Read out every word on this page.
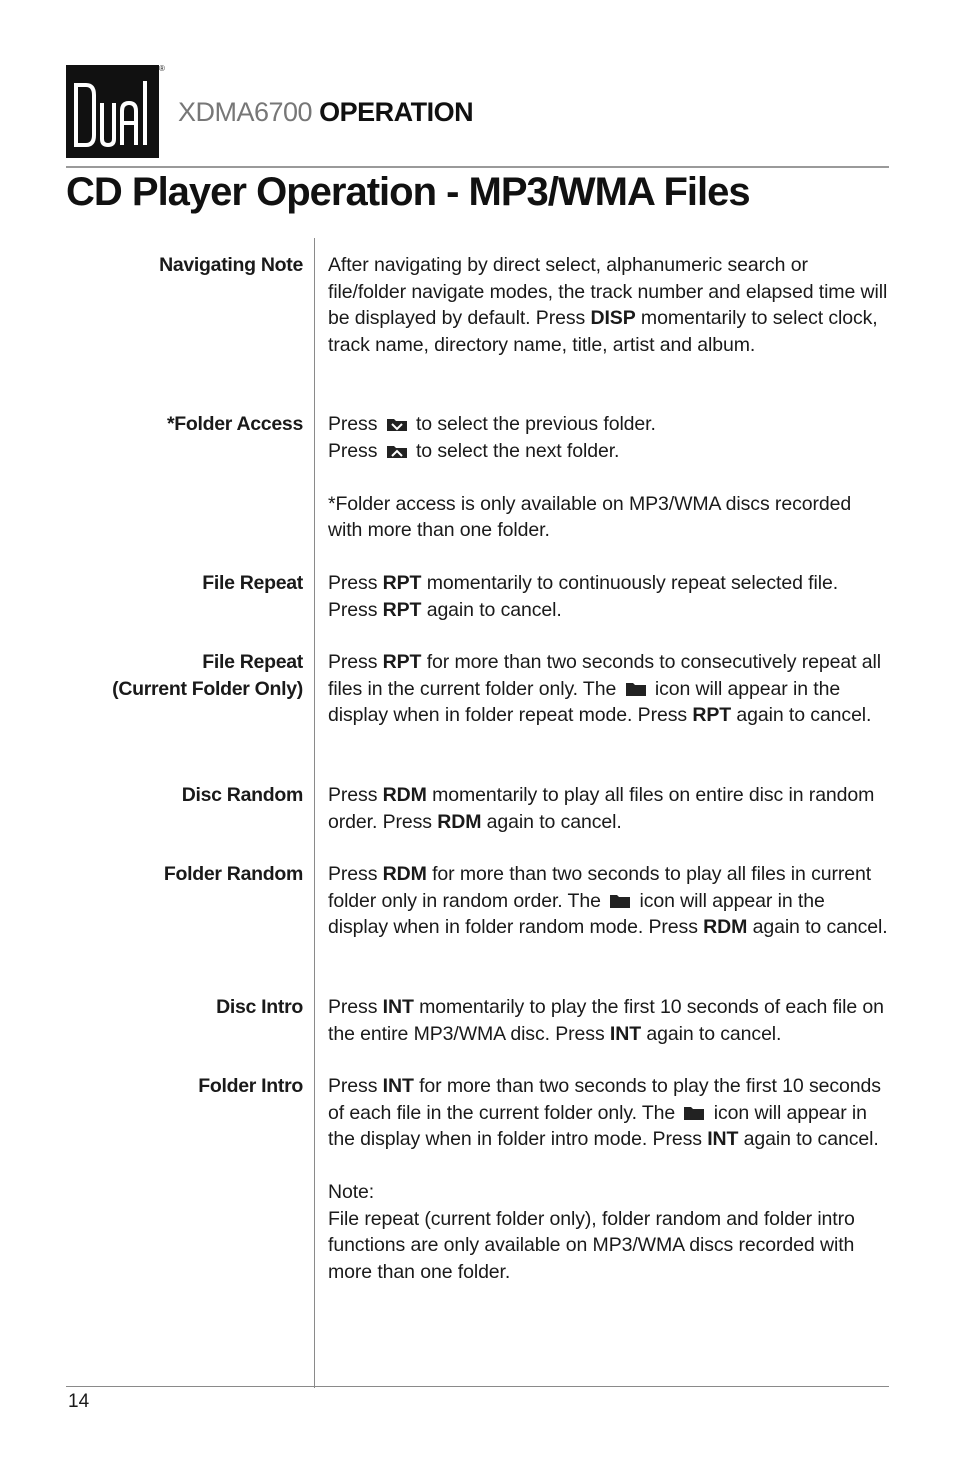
®
XDMA6700 OPERATION
CD Player Operation - MP3/WMA Files
Navigating Note After navigating by direct select, alphanumeric search or file/folder navigate modes, the track number and elapsed time will be displayed by default. Press DISP momentarily to select clock, track name, directory name, title, artist and album.

*Folder Access Press  to select the previous folder.

Press  to select the next folder.

*Folder access is only available on MP3/WMA discs recorded with more than one folder.

File Repeat Press RPT momentarily to continuously repeat selected file.

Press RPT again to cancel.

File Repeat
(Current Folder Only)

Press RPT for more than two seconds to consecutively repeat all files in the current folder only. The  icon will appear in the display when in folder repeat mode. Press RPT again to cancel.

Disc Random Press RDM momentarily to play all files on entire disc in random order. Press RDM again to cancel.

Folder Random Press RDM for more than two seconds to play all files in current folder only in random order. The  icon will appear in the display when in folder random mode. Press RDM again to cancel.

Disc Intro Press INT momentarily to play the first 10 seconds of each file on the entire MP3/WMA disc. Press INT again to cancel.

Folder Intro Press INT for more than two seconds to play the first 10 seconds of each file in the current folder only. The  icon will appear in the display when in folder intro mode. Press INT again to cancel.

Note:

File repeat (current folder only), folder random and folder intro functions are only available on MP3/WMA discs recorded with more than one folder.

14
